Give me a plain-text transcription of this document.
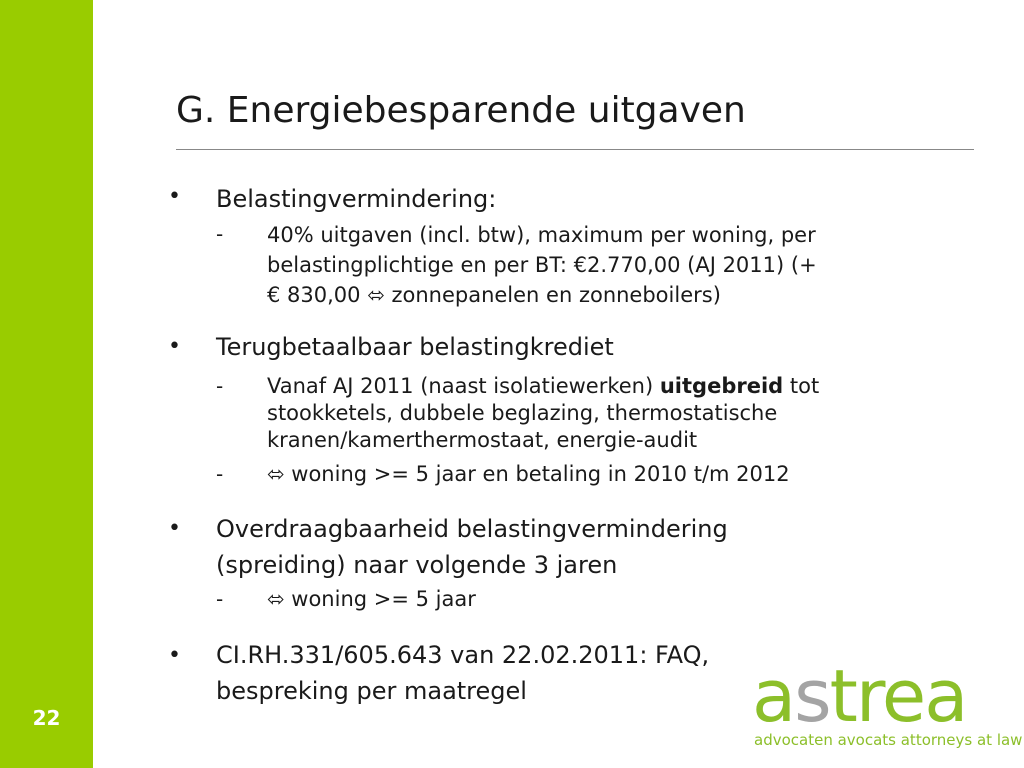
22
G. Energiebesparende uitgaven
• Belastingvermindering:
- 40% uitgaven (incl. btw), maximum per woning, per
belastingplichtige en per BT: €2.770,00 (AJ 2011) (+
€ 830,00 ⬄ zonnepanelen en zonneboilers)
• Terugbetaalbaar belastingkrediet
- Vanaf AJ 2011 (naast isolatiewerken) uitgebreid tot
stookketels, dubbele beglazing, thermostatische
kranen/kamerthermostaat, energie-audit
- ⬄ woning >= 5 jaar en betaling in 2010 t/m 2012
• Overdraagbaarheid belastingvermindering
(spreiding) naar volgende 3 jaren
- ⬄ woning >= 5 jaar
• CI.RH.331/605.643 van 22.02.2011: FAQ,
bespreking per maatregel	astrea
advocaten avocats attorneys at law
